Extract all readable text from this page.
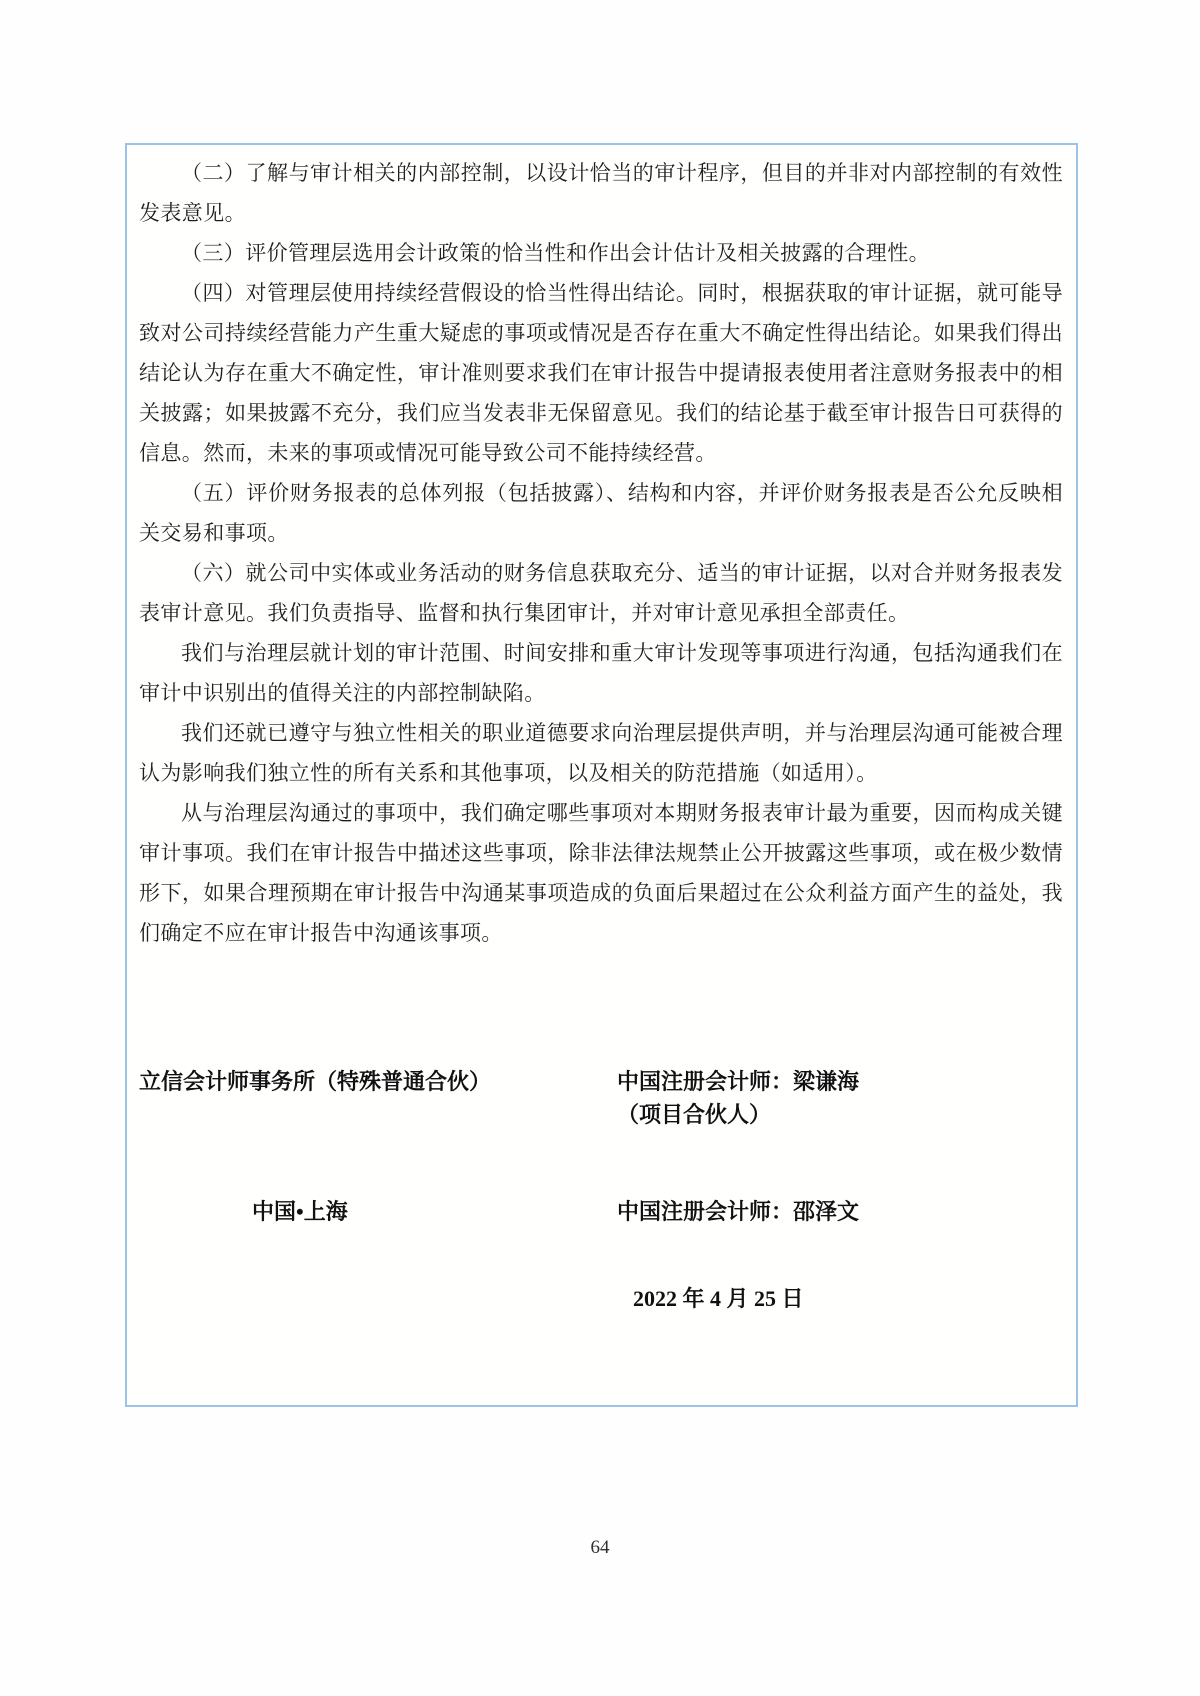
（二）了解与审计相关的内部控制，以设计恰当的审计程序，但目的并非对内部控制的有效性发表意见。

（三）评价管理层选用会计政策的恰当性和作出会计估计及相关披露的合理性。

（四）对管理层使用持续经营假设的恰当性得出结论。同时，根据获取的审计证据，就可能导致对公司持续经营能力产生重大疑虑的事项或情况是否存在重大不确定性得出结论。如果我们得出结论认为存在重大不确定性，审计准则要求我们在审计报告中提请报表使用者注意财务报表中的相关披露；如果披露不充分，我们应当发表非无保留意见。我们的结论基于截至审计报告日可获得的信息。然而，未来的事项或情况可能导致公司不能持续经营。

（五）评价财务报表的总体列报（包括披露）、结构和内容，并评价财务报表是否公允反映相关交易和事项。

（六）就公司中实体或业务活动的财务信息获取充分、适当的审计证据，以对合并财务报表发表审计意见。我们负责指导、监督和执行集团审计，并对审计意见承担全部责任。

我们与治理层就计划的审计范围、时间安排和重大审计发现等事项进行沟通，包括沟通我们在审计中识别出的值得关注的内部控制缺陷。

我们还就已遵守与独立性相关的职业道德要求向治理层提供声明，并与治理层沟通可能被合理认为影响我们独立性的所有关系和其他事项，以及相关的防范措施（如适用）。

从与治理层沟通过的事项中，我们确定哪些事项对本期财务报表审计最为重要，因而构成关键审计事项。我们在审计报告中描述这些事项，除非法律法规禁止公开披露这些事项，或在极少数情形下，如果合理预期在审计报告中沟通某事项造成的负面后果超过在公众利益方面产生的益处，我们确定不应在审计报告中沟通该事项。

立信会计师事务所（特殊普通合伙）	中国注册会计师：梁谦海
（项目合伙人）
中国•上海	中国注册会计师：邵泽文
2022 年 4 月 25 日
64
